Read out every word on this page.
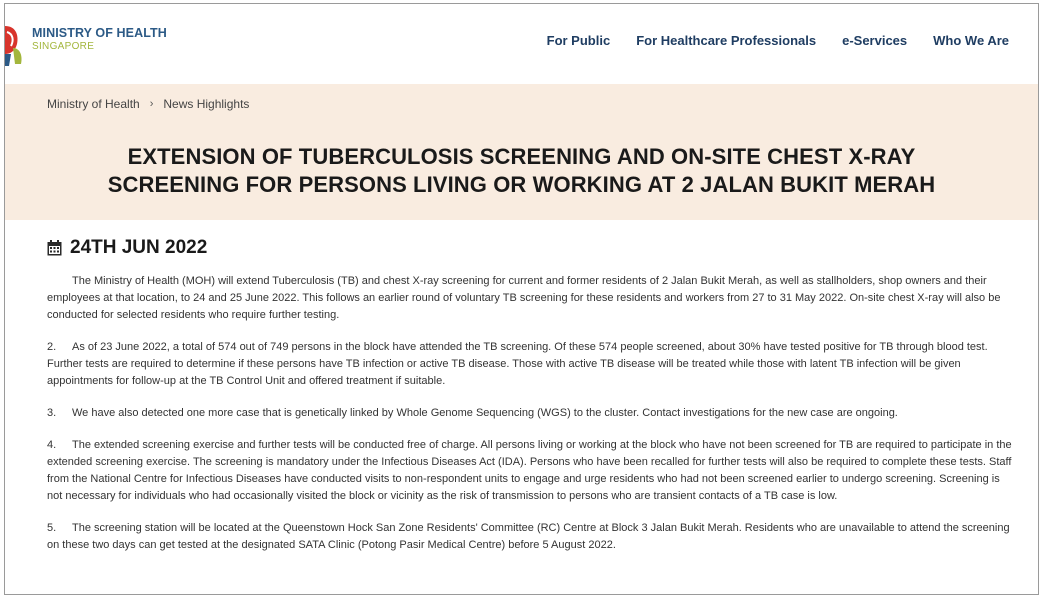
MINISTRY OF HEALTH
SINGAPORE	For Public For Healthcare Professionals e-Services Who We Are
Ministry of Health › News Highlights
EXTENSION OF TUBERCULOSIS SCREENING AND ON-SITE CHEST X-RAY
SCREENING FOR PERSONS LIVING OR WORKING AT 2 JALAN BUKIT MERAH
24TH JUN 2022

The Ministry of Health (MOH) will extend Tuberculosis (TB) and chest X-ray screening for current and former residents of 2 Jalan Bukit Merah, as well as stallholders, shop owners and their employees at that location, to 24 and 25 June 2022. This follows an earlier round of voluntary TB screening for these residents and workers from 27 to 31 May 2022. On-site chest X-ray will also be conducted for selected residents who require further testing.

2. As of 23 June 2022, a total of 574 out of 749 persons in the block have attended the TB screening. Of these 574 people screened, about 30% have tested positive for TB through blood test. Further tests are required to determine if these persons have TB infection or active TB disease. Those with active TB disease will be treated while those with latent TB infection will be given appointments for follow-up at the TB Control Unit and offered treatment if suitable.

3. We have also detected one more case that is genetically linked by Whole Genome Sequencing (WGS) to the cluster. Contact investigations for the new case are ongoing.

4. The extended screening exercise and further tests will be conducted free of charge. All persons living or working at the block who have not been screened for TB are required to participate in the extended screening exercise. The screening is mandatory under the Infectious Diseases Act (IDA). Persons who have been recalled for further tests will also be required to complete these tests. Staff from the National Centre for Infectious Diseases have conducted visits to non-respondent units to engage and urge residents who had not been screened earlier to undergo screening. Screening is not necessary for individuals who had occasionally visited the block or vicinity as the risk of transmission to persons who are transient contacts of a TB case is low.

5. The screening station will be located at the Queenstown Hock San Zone Residents' Committee (RC) Centre at Block 3 Jalan Bukit Merah. Residents who are unavailable to attend the screening on these two days can get tested at the designated SATA Clinic (Potong Pasir Medical Centre) before 5 August 2022.
